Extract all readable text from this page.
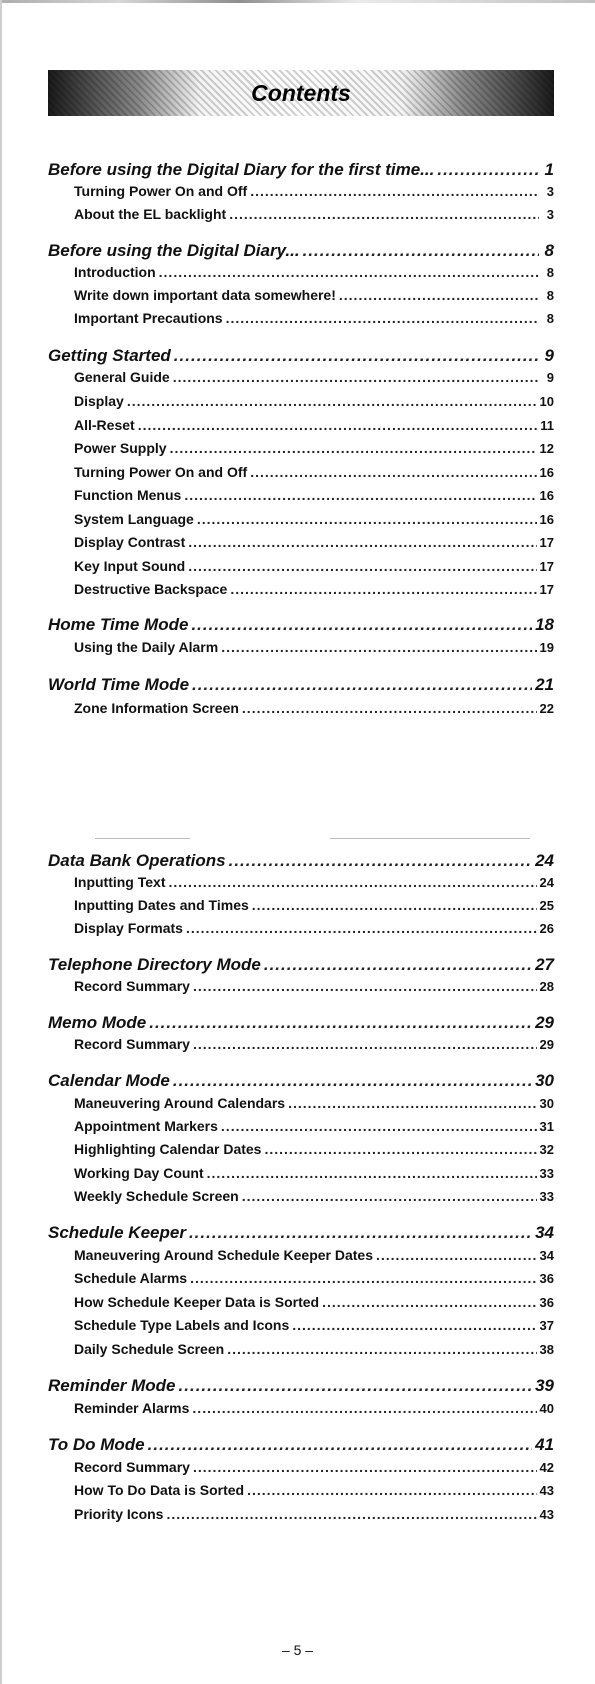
Contents
Before using the Digital Diary for the first time... .....	1
Turning Power On and Off .....	3
About the EL backlight .....	3
Before using the Digital Diary... .....	8
Introduction .....	8
Write down important data somewhere! .....	8
Important Precautions .....	8
Getting Started .....	9
General Guide .....	9
Display .....	10
All-Reset .....	11
Power Supply .....	12
Turning Power On and Off .....	16
Function Menus .....	16
System Language .....	16
Display Contrast .....	17
Key Input Sound .....	17
Destructive Backspace .....	17
Home Time Mode .....	18
Using the Daily Alarm .....	19
World Time Mode .....	21
Zone Information Screen .....	22
Data Bank Operations .....	24
Inputting Text .....	24
Inputting Dates and Times .....	25
Display Formats .....	26
Telephone Directory Mode .....	27
Record Summary .....	28
Memo Mode .....	29
Record Summary .....	29
Calendar Mode .....	30
Maneuvering Around Calendars .....	30
Appointment Markers .....	31
Highlighting Calendar Dates .....	32
Working Day Count .....	33
Weekly Schedule Screen .....	33
Schedule Keeper .....	34
Maneuvering Around Schedule Keeper Dates .....	34
Schedule Alarms .....	36
How Schedule Keeper Data is Sorted .....	36
Schedule Type Labels and Icons .....	37
Daily Schedule Screen .....	38
Reminder Mode .....	39
Reminder Alarms .....	40
To Do Mode .....	41
Record Summary .....	42
How To Do Data is Sorted .....	43
Priority Icons .....	43
– 5 –
